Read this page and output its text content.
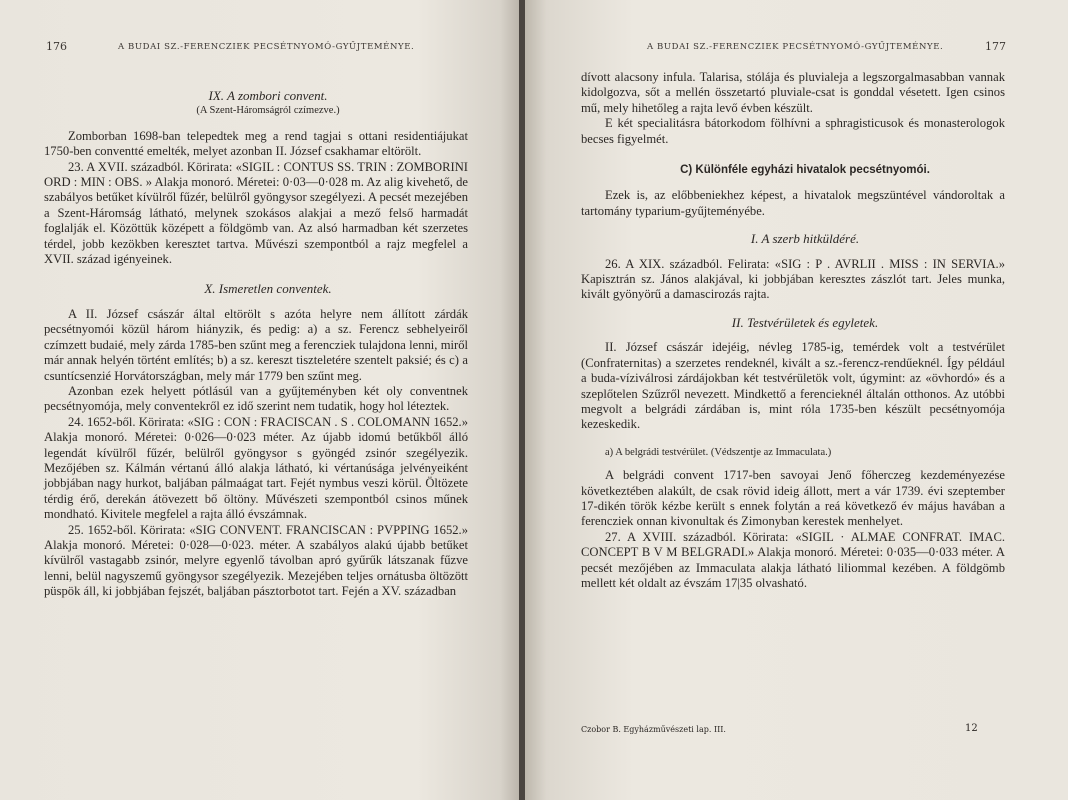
176	A BUDAI SZ.-FERENCZIEK PECSÉTNYOMÓ-GYŰJTEMÉNYE.

IX. A zombori convent.

(A Szent-Háromságról czímezve.)

Zomborban 1698-ban telepedtek meg a rend tagjai s ottani residentiájukat 1750-ben conventté emelték, melyet azonban II. József csakhamar eltörölt.

23. A XVII. századból. Körirata: «SIGIL : CONTUS SS. TRIN : ZOMBORINI ORD : MIN : OBS. » Alakja monoró. Méretei: 0·03—0·028 m. Az alig kivehető, de szabályos betűket kívülről fűzér, belülről gyöngysor szegélyezi. A pecsét mezejében a Szent-Háromság látható, melynek szokásos alakjai a mező felső harmadát foglalják el. Közöttük középett a földgömb van. Az alsó harmadban két szerzetes térdel, jobb kezökben keresztet tartva. Művészi szempontból a rajz megfelel a XVII. század igényeinek.

X. Ismeretlen conventek.

A II. József császár által eltörölt s azóta helyre nem állított zárdák pecsétnyomói közül három hiányzik, és pedig: a) a sz. Ferencz sebhelyeiről czímzett budaié, mely zárda 1785-ben szűnt meg a ferencziek tulajdona lenni, miről már annak helyén történt említés; b) a sz. kereszt tiszteletére szentelt paksié; és c) a csuntícsenzié Horvátországban, mely már 1779 ben szűnt meg.

Azonban ezek helyett pótlásúl van a gyűjteményben két oly conventnek pecsétnyomója, mely conventekről ez idő szerint nem tudatik, hogy hol léteztek.

24. 1652-ből. Körirata: «SIG : CON : FRACISCAN . S . COLOMANN 1652.» Alakja monoró. Méretei: 0·026—0·023 méter. Az újabb idomú betűkből álló legendát kívülről fűzér, belülről gyöngysor s gyöngéd zsinór szegélyezik. Mezőjében sz. Kálmán vértanú álló alakja látható, ki vértanúsága jelvényeiként jobbjában nagy hurkot, baljában pálmaágat tart. Fejét nymbus veszi körül. Öltözete térdig érő, derekán átövezett bő öltöny. Művészeti szempontból csinos műnek mondható. Kivitele megfelel a rajta álló évszámnak.

25. 1652-ből. Körirata: «SIG CONVENT. FRANCISCAN : PVPPING 1652.» Alakja monoró. Méretei: 0·028—0·023. méter. A szabályos alakú újabb betűket kívülről vastagabb zsinór, melyre egyenlő távolban apró gyűrűk látszanak fűzve lenni, belül nagyszemű gyöngysor szegélyezik. Mezejében teljes ornátusba öltözött püspök áll, ki jobbjában fejszét, baljában pásztorbotot tart. Fején a XV. században

A BUDAI SZ.-FERENCZIEK PECSÉTNYOMÓ-GYŰJTEMÉNYE.	177

dívott alacsony infula. Talarisa, stólája és pluvialeja a legszorgalmasabban vannak kidolgozva, sőt a mellén összetartó pluviale-csat is gonddal vésetett. Igen csinos mű, mely hihetőleg a rajta levő évben készült.

E két specialitásra bátorkodom fölhívni a sphragisticusok és monasterologok becses figyelmét.

C) Különféle egyházi hivatalok pecsétnyomói.

Ezek is, az előbbeniekhez képest, a hivatalok megszüntével vándoroltak a tartomány typarium-gyűjteményébe.

I. A szerb hitküldéré.

26. A XIX. századból. Felirata: «SIG : P . AVRLII . MISS : IN SERVIA.» Kapisztrán sz. János alakjával, ki jobbjában keresztes zászlót tart. Jeles munka, kivált gyönyörű a damascirozás rajta.

II. Testvérületek és egyletek.

II. József császár idejéig, névleg 1785-ig, temérdek volt a testvérület (Confraternitas) a szerzetes rendeknél, kivált a sz.-ferencz-rendűeknél. Így például a buda-víziválrosi zárdájokban két testvérületök volt, úgymint: az «övhordó» és a szeplőtelen Szűzről nevezett. Mindkettő a ferencieknél általán otthonos. Az utóbbi megvolt a belgrádi zárdában is, mint róla 1735-ben készült pecsétnyomója kezeskedik.

a) A belgrádi testvérület. (Védszentje az Immaculata.)

A belgrádi convent 1717-ben savoyai Jenő főherczeg kezdeményezése következtében alakúlt, de csak rövid ideig állott, mert a vár 1739. évi szeptember 17-dikén török kézbe került s ennek folytán a reá következő év május havában a ferencziek onnan kivonultak és Zimonyban kerestek menhelyet.

27. A XVIII. századból. Körirata: «SIGIL · ALMAE CONFRAT. IMAC. CONCEPT B V M BELGRADI.» Alakja monoró. Méretei: 0·035—0·033 méter. A pecsét mezőjében az Immaculata alakja látható liliommal kezében. A földgömb mellett két oldalt az évszám 17|35 olvasható.

Czobor B. Egyházművészeti lap. III.	12
